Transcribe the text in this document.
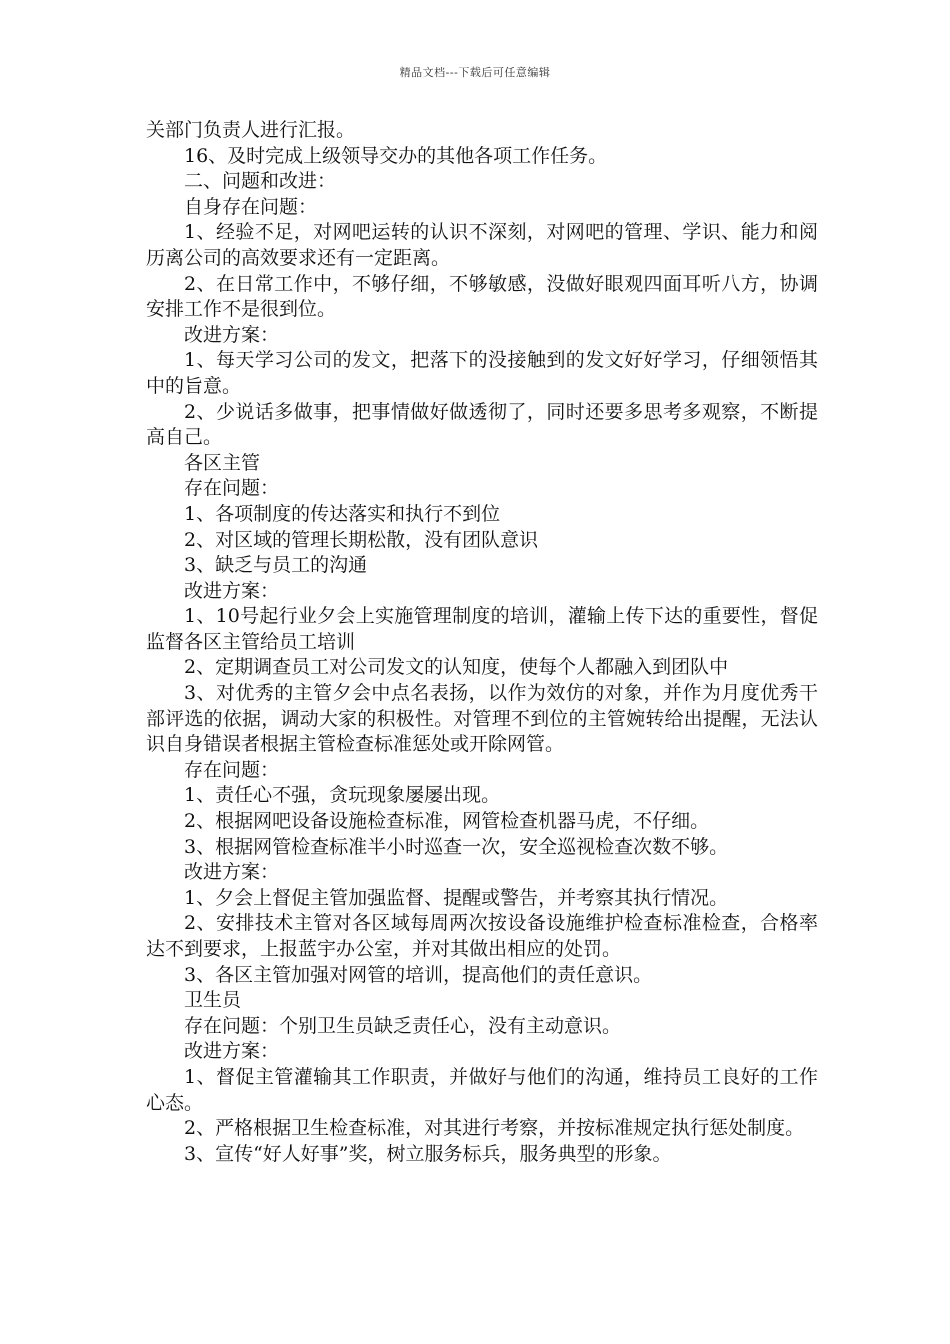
精品文档---下载后可任意编辑

关部门负责人进行汇报。

16、及时完成上级领导交办的其他各项工作任务。

二、问题和改进：

自身存在问题：

1、经验不足，对网吧运转的认识不深刻，对网吧的管理、学识、能力和阅历离公司的高效要求还有一定距离。

2、在日常工作中，不够仔细，不够敏感，没做好眼观四面耳听八方，协调安排工作不是很到位。

改进方案：

1、每天学习公司的发文，把落下的没接触到的发文好好学习，仔细领悟其中的旨意。

2、少说话多做事，把事情做好做透彻了，同时还要多思考多观察，不断提高自己。

各区主管

存在问题：

1、各项制度的传达落实和执行不到位

2、对区域的管理长期松散，没有团队意识

3、缺乏与员工的沟通

改进方案：

1、10号起行业夕会上实施管理制度的培训，灌输上传下达的重要性，督促监督各区主管给员工培训

2、定期调查员工对公司发文的认知度，使每个人都融入到团队中

3、对优秀的主管夕会中点名表扬，以作为效仿的对象，并作为月度优秀干部评选的依据，调动大家的积极性。对管理不到位的主管婉转给出提醒，无法认识自身错误者根据主管检查标准惩处或开除网管。

存在问题：

1、责任心不强，贪玩现象屡屡出现。

2、根据网吧设备设施检查标准，网管检查机器马虎，不仔细。

3、根据网管检查标准半小时巡查一次，安全巡视检查次数不够。

改进方案：

1、夕会上督促主管加强监督、提醒或警告，并考察其执行情况。

2、安排技术主管对各区域每周两次按设备设施维护检查标准检查，合格率达不到要求，上报蓝宇办公室，并对其做出相应的处罚。

3、各区主管加强对网管的培训，提高他们的责任意识。

卫生员

存在问题：个别卫生员缺乏责任心，没有主动意识。

改进方案：

1、督促主管灌输其工作职责，并做好与他们的沟通，维持员工良好的工作心态。

2、严格根据卫生检查标准，对其进行考察，并按标准规定执行惩处制度。

3、宣传“好人好事”奖，树立服务标兵，服务典型的形象。
